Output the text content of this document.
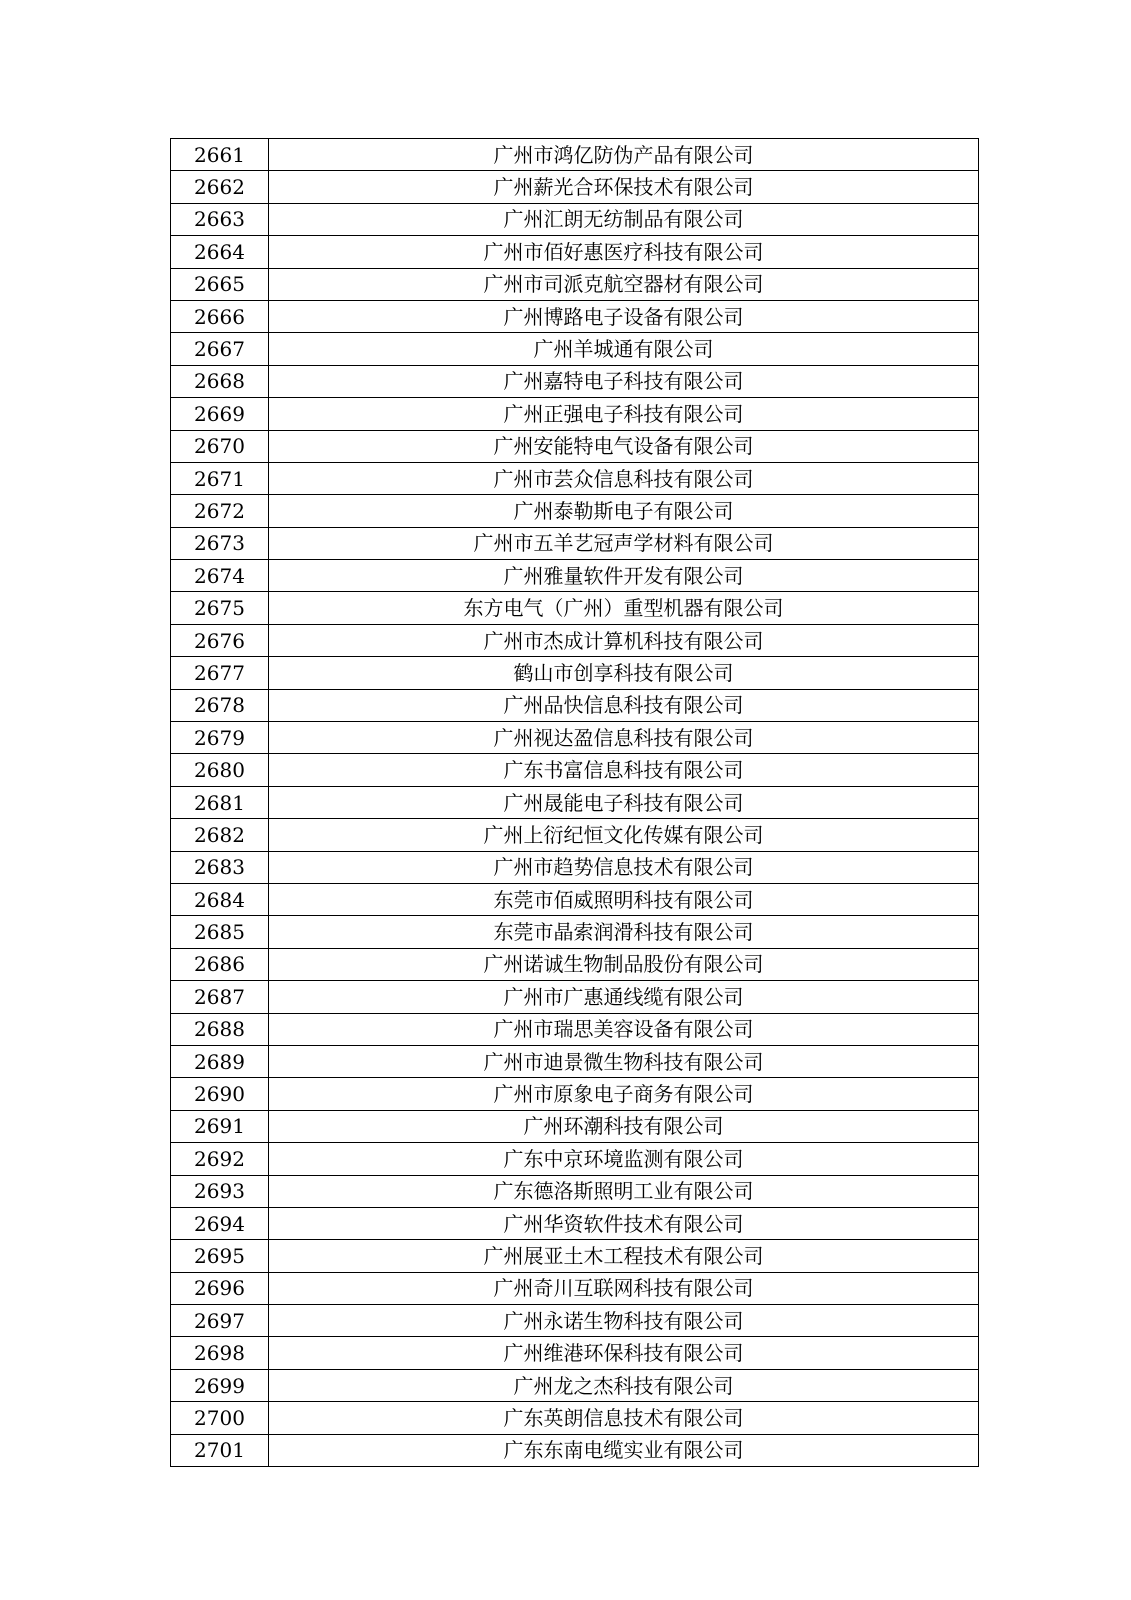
2661	广州市鸿亿防伪产品有限公司
2662	广州薪光合环保技术有限公司
2663	广州汇朗无纺制品有限公司
2664	广州市佰好惠医疗科技有限公司
2665	广州市司派克航空器材有限公司
2666	广州博路电子设备有限公司
2667	广州羊城通有限公司
2668	广州嘉特电子科技有限公司
2669	广州正强电子科技有限公司
2670	广州安能特电气设备有限公司
2671	广州市芸众信息科技有限公司
2672	广州泰勒斯电子有限公司
2673	广州市五羊艺冠声学材料有限公司
2674	广州雅量软件开发有限公司
2675	东方电气（广州）重型机器有限公司
2676	广州市杰成计算机科技有限公司
2677	鹤山市创享科技有限公司
2678	广州品快信息科技有限公司
2679	广州视达盈信息科技有限公司
2680	广东书富信息科技有限公司
2681	广州晟能电子科技有限公司
2682	广州上衍纪恒文化传媒有限公司
2683	广州市趋势信息技术有限公司
2684	东莞市佰威照明科技有限公司
2685	东莞市晶索润滑科技有限公司
2686	广州诺诚生物制品股份有限公司
2687	广州市广惠通线缆有限公司
2688	广州市瑞思美容设备有限公司
2689	广州市迪景微生物科技有限公司
2690	广州市原象电子商务有限公司
2691	广州环潮科技有限公司
2692	广东中京环境监测有限公司
2693	广东德洛斯照明工业有限公司
2694	广州华资软件技术有限公司
2695	广州展亚土木工程技术有限公司
2696	广州奇川互联网科技有限公司
2697	广州永诺生物科技有限公司
2698	广州维港环保科技有限公司
2699	广州龙之杰科技有限公司
2700	广东英朗信息技术有限公司
2701	广东东南电缆实业有限公司
